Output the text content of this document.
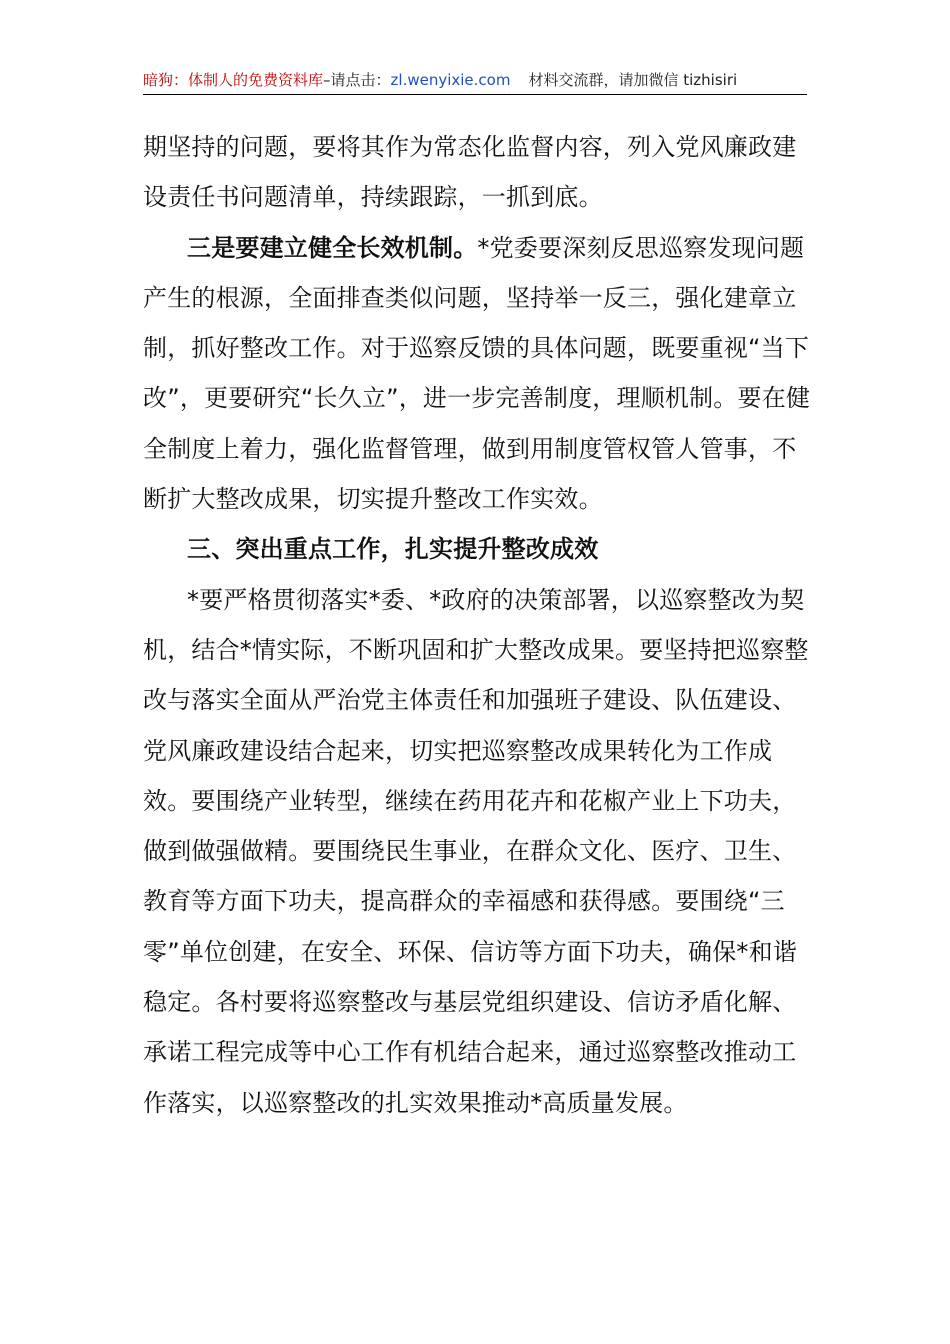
暗狗：体制人的免费资料库–请点击：zl.wenyixie.com 材料交流群，请加微信 tizhisiri

期坚持的问题，要将其作为常态化监督内容，列入党风廉政建设责任书问题清单，持续跟踪，一抓到底。

三是要建立健全长效机制。*党委要深刻反思巡察发现问题产生的根源，全面排查类似问题，坚持举一反三，强化建章立制，抓好整改工作。对于巡察反馈的具体问题，既要重视“当下改”，更要研究“长久立”，进一步完善制度，理顺机制。要在健全制度上着力，强化监督管理，做到用制度管权管人管事，不断扩大整改成果，切实提升整改工作实效。

三、突出重点工作，扎实提升整改成效

*要严格贯彻落实*委、*政府的决策部署，以巡察整改为契机，结合*情实际，不断巩固和扩大整改成果。要坚持把巡察整改与落实全面从严治党主体责任和加强班子建设、队伍建设、党风廉政建设结合起来，切实把巡察整改成果转化为工作成效。要围绕产业转型，继续在药用花卉和花椒产业上下功夫，做到做强做精。要围绕民生事业，在群众文化、医疗、卫生、教育等方面下功夫，提高群众的幸福感和获得感。要围绕“三零”单位创建，在安全、环保、信访等方面下功夫，确保*和谐稳定。各村要将巡察整改与基层党组织建设、信访矛盾化解、承诺工程完成等中心工作有机结合起来，通过巡察整改推动工作落实，以巡察整改的扎实效果推动*高质量发展。
